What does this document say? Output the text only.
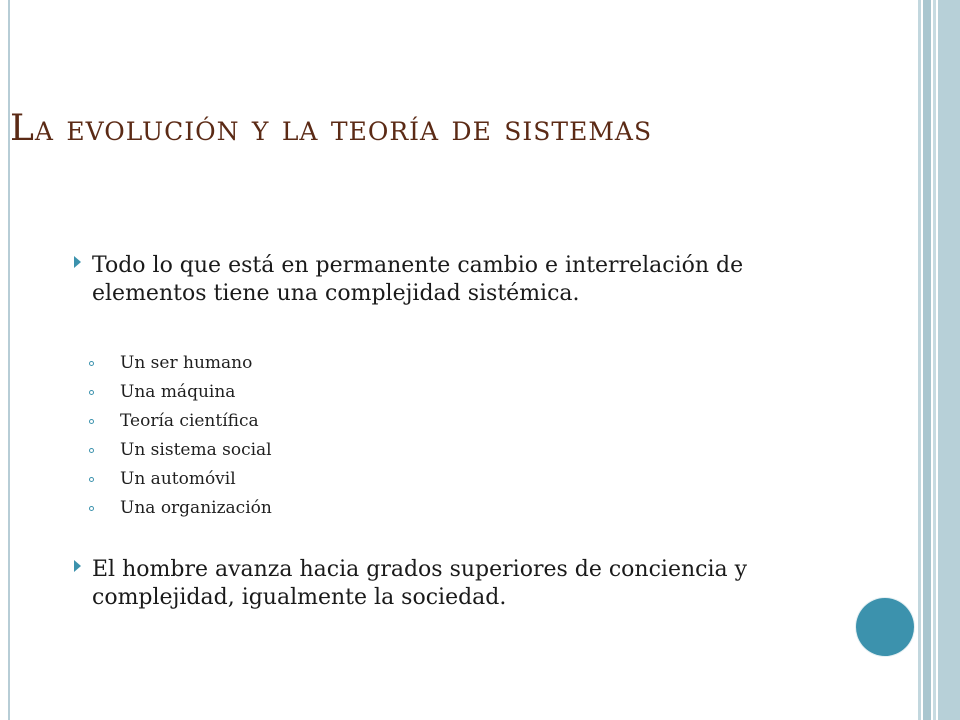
La evolución y la teoría de sistemas
Todo lo que está en permanente cambio e interrelación de elementos tiene una complejidad sistémica.
Un ser humano
Una máquina
Teoría científica
Un sistema social
Un automóvil
Una organización
El hombre avanza hacia grados superiores de conciencia y complejidad, igualmente la sociedad.
